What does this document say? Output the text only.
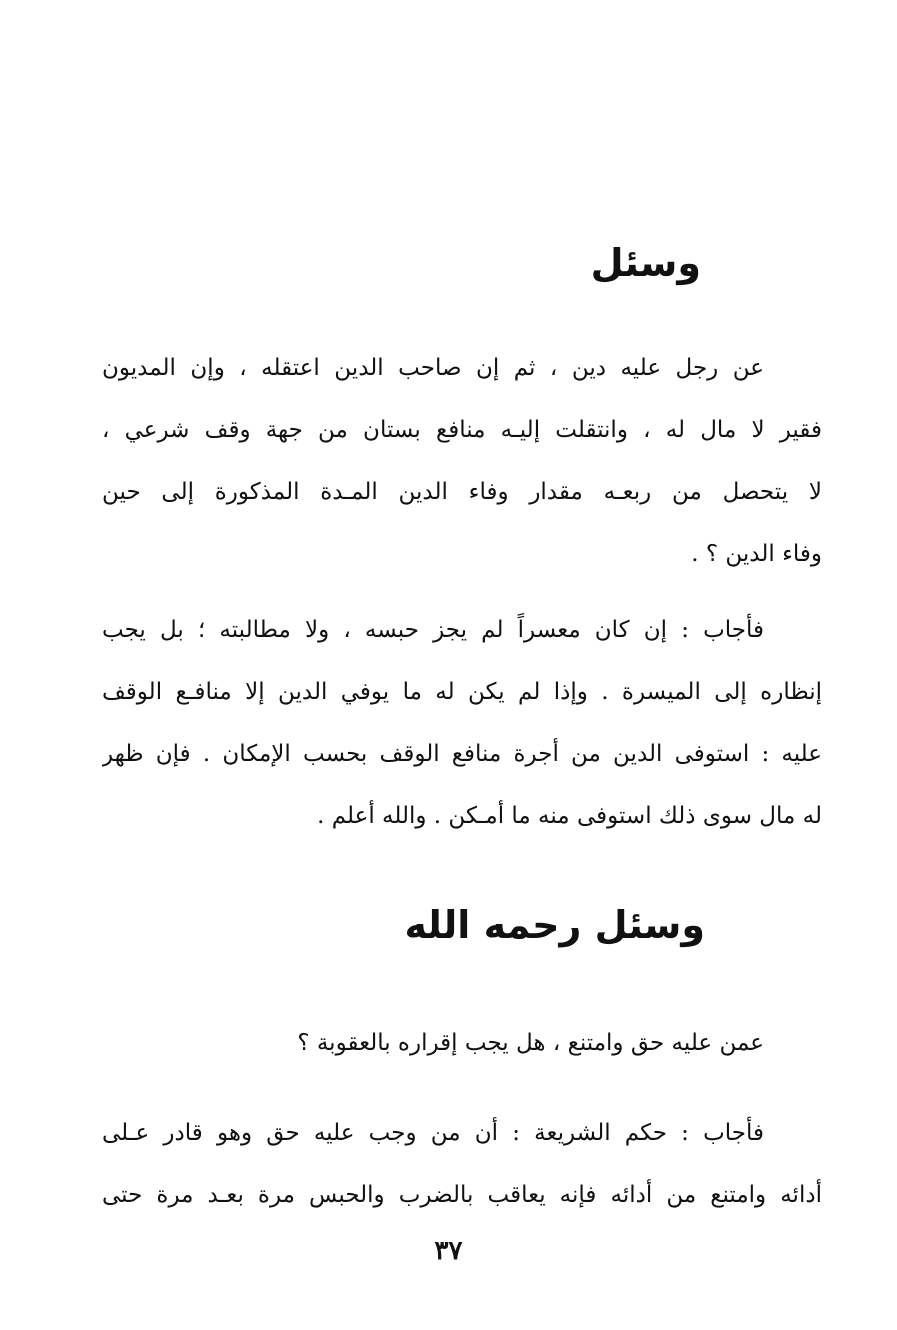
وسئل
عن رجل عليه دين ، ثم إن صاحب الدين اعتقله ، وإن المديون
فقير لا مال له ، وانتقلت إليـه منافع بستان من جهة وقف شرعي ،
لا يتحصل من ربعـه مقدار وفاء الدين المـدة المذكورة إلى حين
وفاء الدين ؟ .
فأجاب : إن كان معسراً لم يجز حبسه ، ولا مطالبته ؛ بل يجب
إنظاره إلى الميسرة . وإذا لم يكن له ما يوفي الدين إلا منافـع الوقف
عليه : استوفى الدين من أجرة منافع الوقف بحسب الإمكان . فإن ظهر
له مال سوى ذلك استوفى منه ما أمـكن . والله أعلم .
وسئل رحمه الله
عمن عليه حق وامتنع ، هل يجب إقراره بالعقوبة ؟
فأجاب : حكم الشريعة : أن من وجب عليه حق وهو قادر عـلى
أدائه وامتنع من أدائه فإنه يعاقب بالضرب والحبس مرة بعـد مرة حتى
٣٧
